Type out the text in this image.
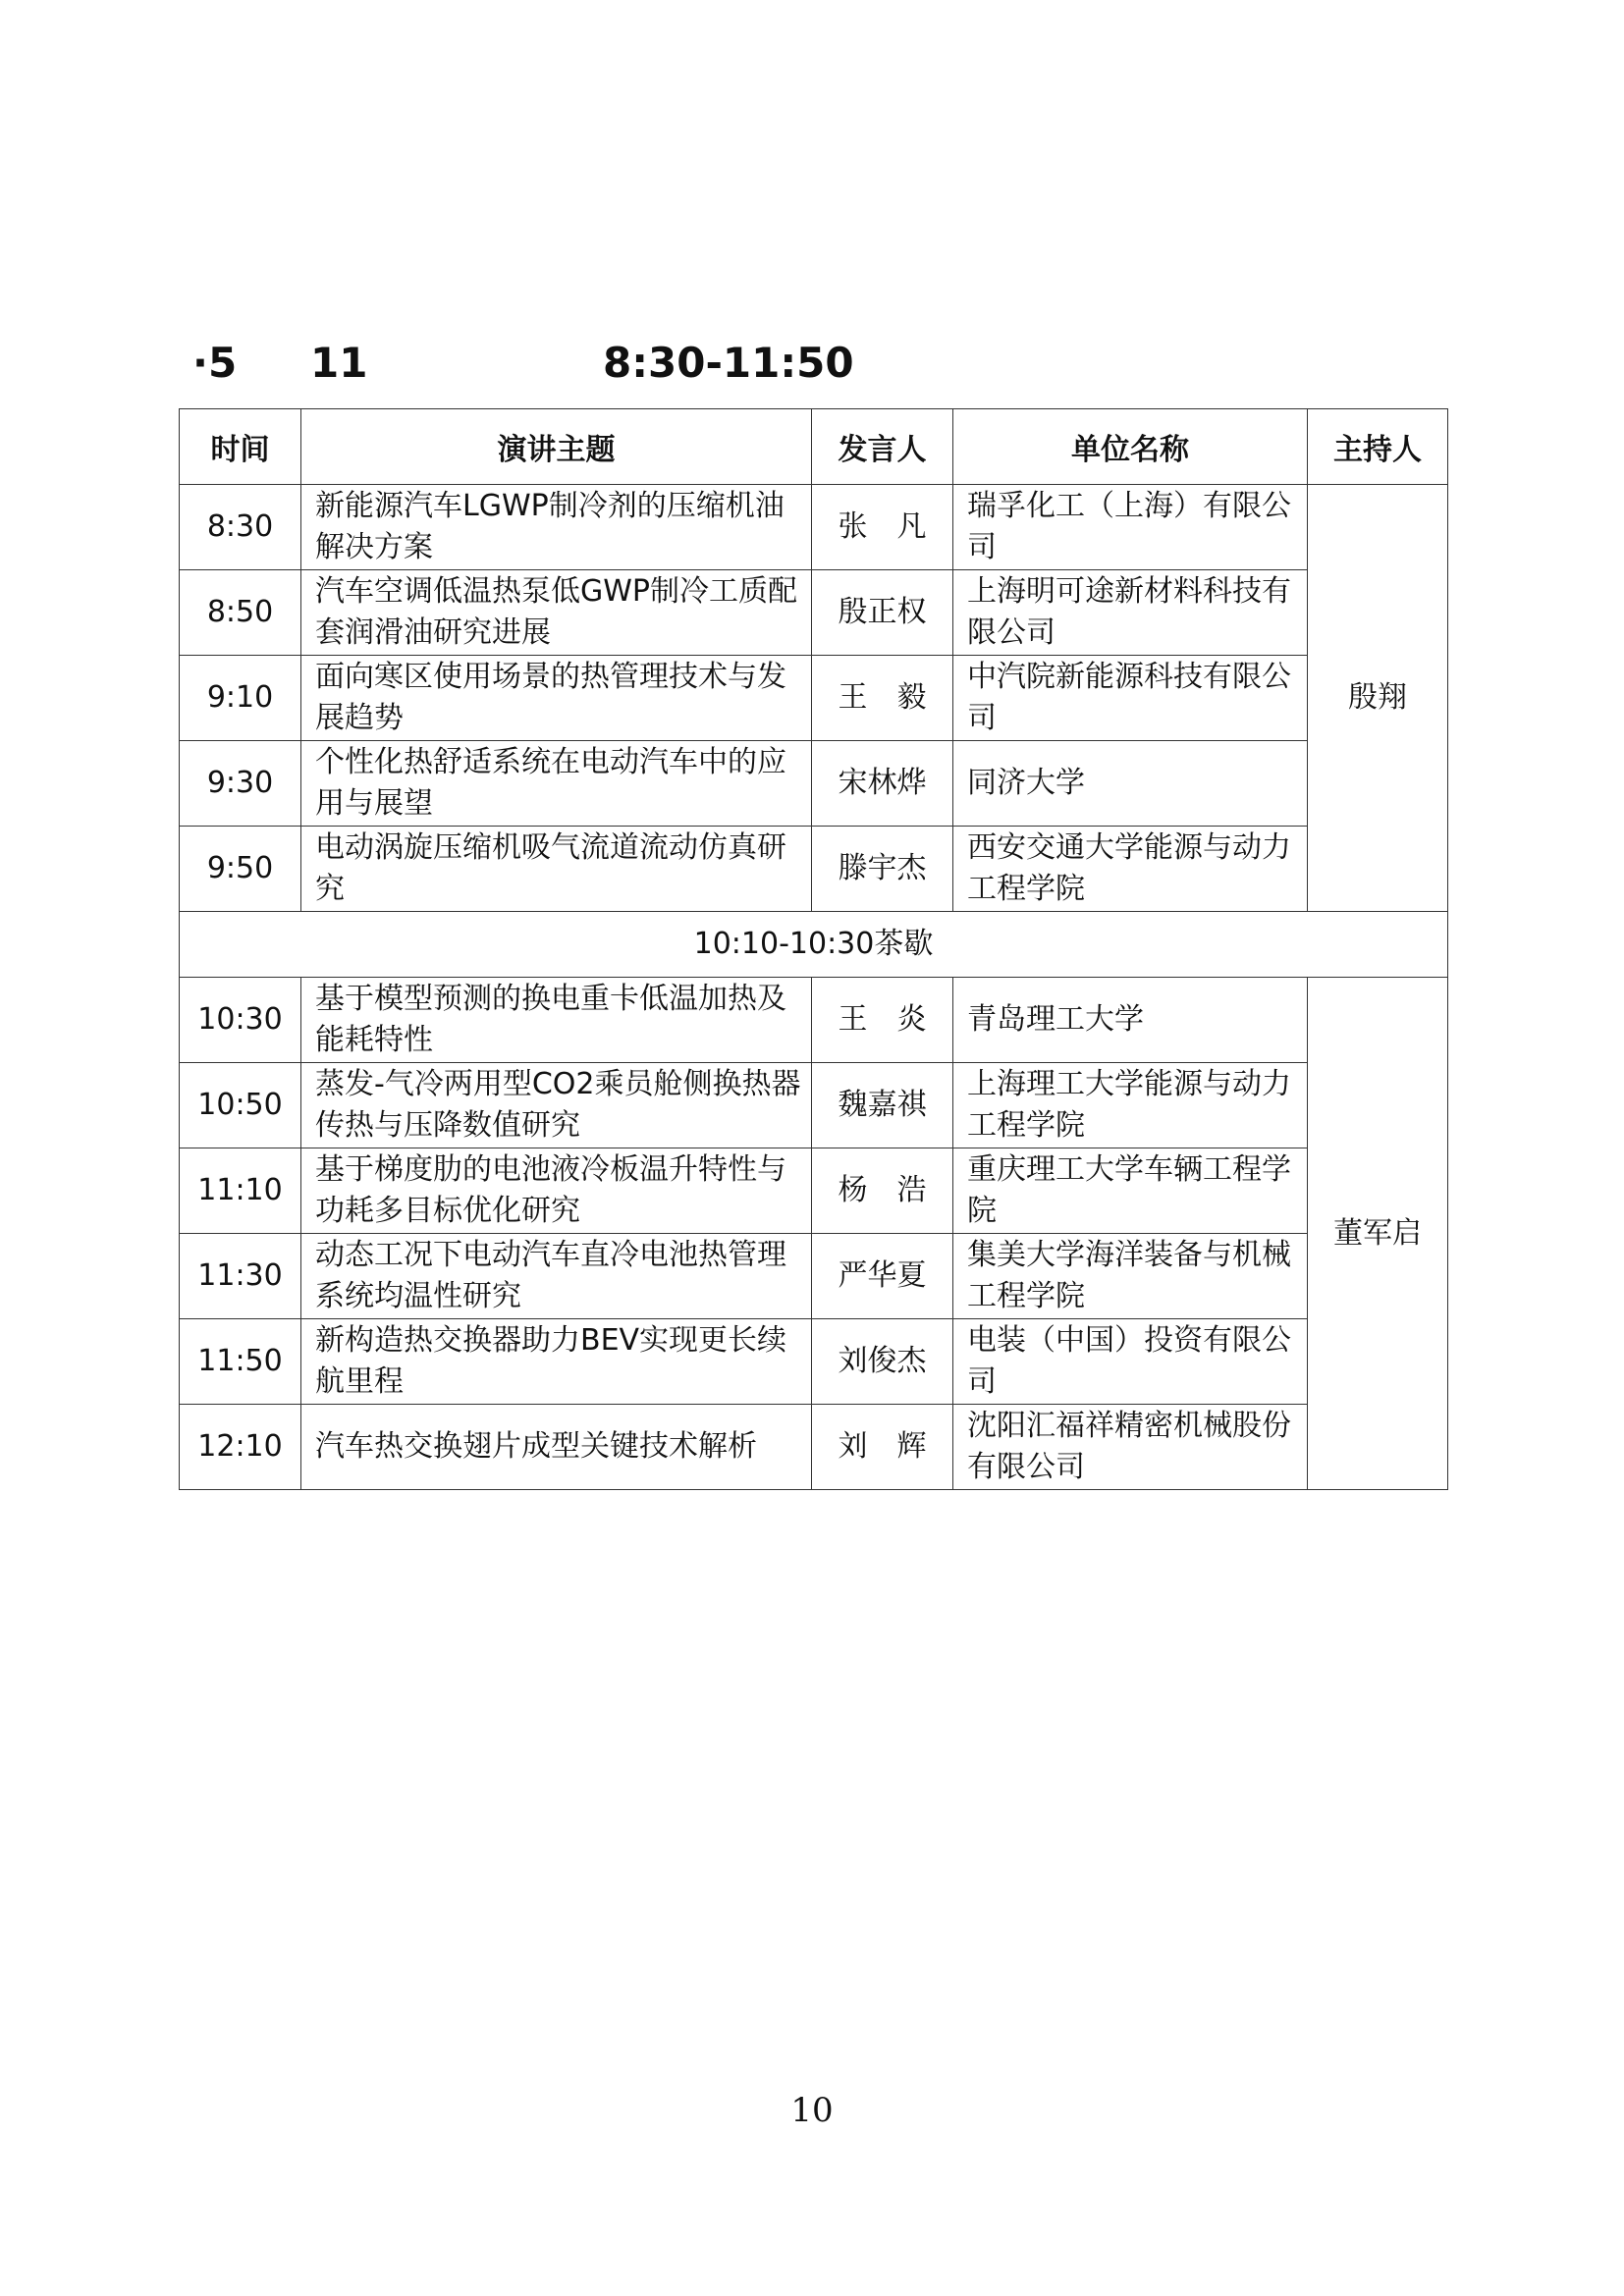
·5 11	8:30-11:50
时间	演讲主题	发言人	单位名称	主持人
8:30	新能源汽车LGWP制冷剂的压缩机油解决方案	张　凡	瑞孚化工（上海）有限公司	殷翔
8:50	汽车空调低温热泵低GWP制冷工质配套润滑油研究进展	殷正权	上海明可途新材料科技有限公司	
9:10	面向寒区使用场景的热管理技术与发展趋势	王　毅	中汽院新能源科技有限公司	
9:30	个性化热舒适系统在电动汽车中的应用与展望	宋林烨	同济大学	
9:50	电动涡旋压缩机吸气流道流动仿真研究	滕宇杰	西安交通大学能源与动力工程学院	
10:10-10:30茶歇				
10:30	基于模型预测的换电重卡低温加热及能耗特性	王　炎	青岛理工大学	董军启
10:50	蒸发-气冷两用型CO2乘员舱侧换热器传热与压降数值研究	魏嘉祺	上海理工大学能源与动力工程学院	
11:10	基于梯度肋的电池液冷板温升特性与功耗多目标优化研究	杨　浩	重庆理工大学车辆工程学院	
11:30	动态工况下电动汽车直冷电池热管理系统均温性研究	严华夏	集美大学海洋装备与机械工程学院	
11:50	新构造热交换器助力BEV实现更长续航里程	刘俊杰	电装（中国）投资有限公司	
12:10	汽车热交换翅片成型关键技术解析	刘　辉	沈阳汇福祥精密机械股份有限公司	
10
